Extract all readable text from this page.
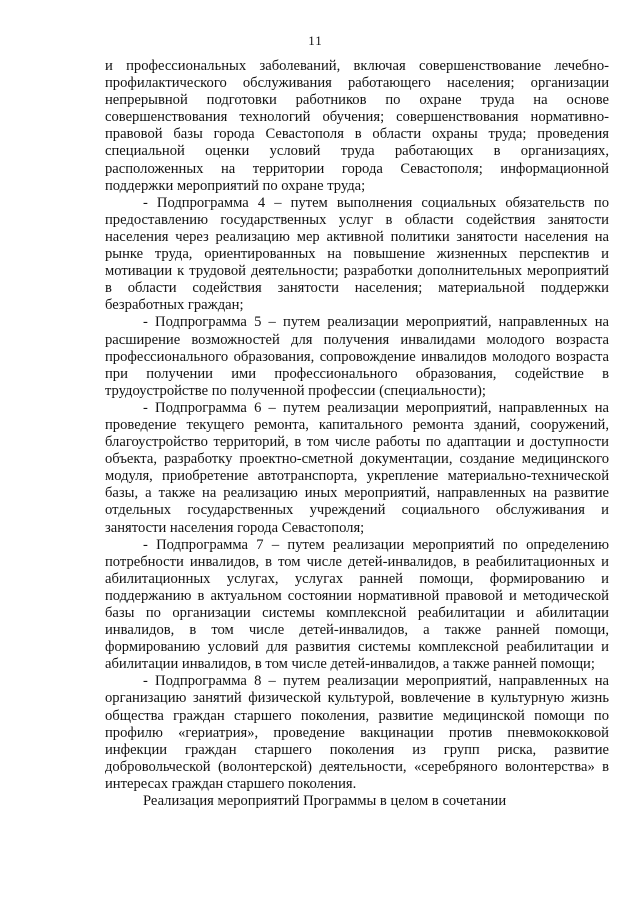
11

и профессиональных заболеваний, включая совершенствование лечебно-профилактического обслуживания работающего населения; организации непрерывной подготовки работников по охране труда на основе совершенствования технологий обучения; совершенствования нормативно-правовой базы города Севастополя в области охраны труда; проведения специальной оценки условий труда работающих в организациях, расположенных на территории города Севастополя; информационной поддержки мероприятий по охране труда;

- Подпрограмма 4 – путем выполнения социальных обязательств по предоставлению государственных услуг в области содействия занятости населения через реализацию мер активной политики занятости населения на рынке труда, ориентированных на повышение жизненных перспектив и мотивации к трудовой деятельности; разработки дополнительных мероприятий в области содействия занятости населения; материальной поддержки безработных граждан;

- Подпрограмма 5 – путем реализации мероприятий, направленных на расширение возможностей для получения инвалидами молодого возраста профессионального образования, сопровождение инвалидов молодого возраста при получении ими профессионального образования, содействие в трудоустройстве по полученной профессии (специальности);

- Подпрограмма 6 – путем реализации мероприятий, направленных на проведение текущего ремонта, капитального ремонта зданий, сооружений, благоустройство территорий, в том числе работы по адаптации и доступности объекта, разработку проектно-сметной документации, создание медицинского модуля, приобретение автотранспорта, укрепление материально-технической базы, а также на реализацию иных мероприятий, направленных на развитие отдельных государственных учреждений социального обслуживания и занятости населения города Севастополя;

- Подпрограмма 7 – путем реализации мероприятий по определению потребности инвалидов, в том числе детей-инвалидов, в реабилитационных и абилитационных услугах, услугах ранней помощи, формированию и поддержанию в актуальном состоянии нормативной правовой и методической базы по организации системы комплексной реабилитации и абилитации инвалидов, в том числе детей-инвалидов, а также ранней помощи, формированию условий для развития системы комплексной реабилитации и абилитации инвалидов, в том числе детей-инвалидов, а также ранней помощи;

- Подпрограмма 8 – путем реализации мероприятий, направленных на организацию занятий физической культурой, вовлечение в культурную жизнь общества граждан старшего поколения, развитие медицинской помощи по профилю «гериатрия», проведение вакцинации против пневмококковой инфекции граждан старшего поколения из групп риска, развитие добровольческой (волонтерской) деятельности, «серебряного волонтерства» в интересах граждан старшего поколения.

Реализация мероприятий Программы в целом в сочетании
